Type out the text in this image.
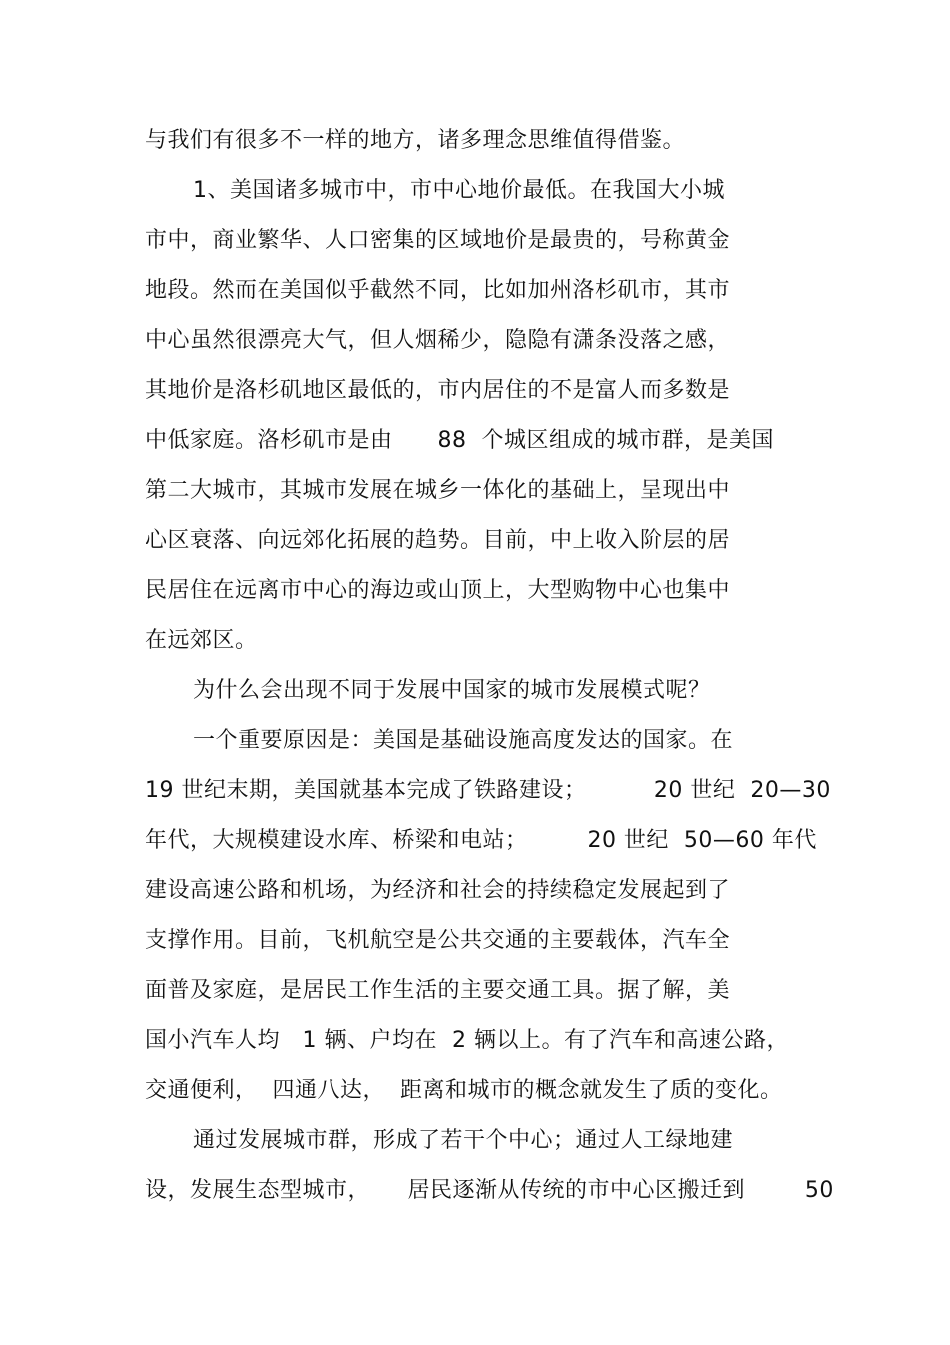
与我们有很多不一样的地方，诸多理念思维值得借鉴。
1、美国诸多城市中，市中心地价最低。在我国大小城
市中，商业繁华、人口密集的区域地价是最贵的，号称黄金
地段。然而在美国似乎截然不同，比如加州洛杉矶市，其市
中心虽然很漂亮大气，但人烟稀少，隐隐有潇条没落之感，
其地价是洛杉矶地区最低的，市内居住的不是富人而多数是
中低家庭。洛杉矶市是由      88  个城区组成的城市群，是美国
第二大城市，其城市发展在城乡一体化的基础上，呈现出中
心区衰落、向远郊化拓展的趋势。目前，中上收入阶层的居
民居住在远离市中心的海边或山顶上，大型购物中心也集中
在远郊区。
为什么会出现不同于发展中国家的城市发展模式呢？
一个重要原因是：美国是基础设施高度发达的国家。在
19 世纪末期，美国就基本完成了铁路建设；         20 世纪  20—30
年代，大规模建设水库、桥梁和电站；        20 世纪  50—60 年代
建设高速公路和机场，为经济和社会的持续稳定发展起到了
支撑作用。目前，飞机航空是公共交通的主要载体，汽车全
面普及家庭，是居民工作生活的主要交通工具。据了解，美
国小汽车人均   1 辆、户均在  2 辆以上。有了汽车和高速公路，
交通便利，  四通八达，  距离和城市的概念就发生了质的变化。
通过发展城市群，形成了若干个中心；通过人工绿地建
设，发展生态型城市，     居民逐渐从传统的市中心区搬迁到        50
